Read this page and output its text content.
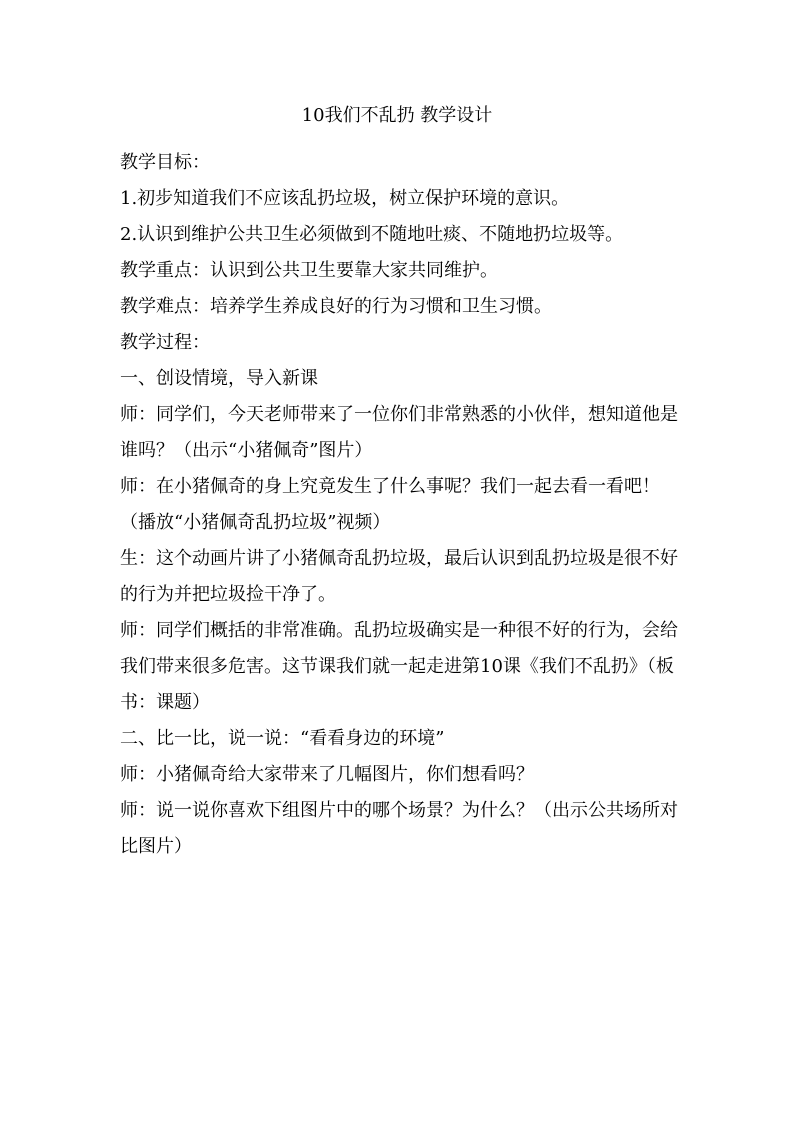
10我们不乱扔 教学设计

教学目标：

1.初步知道我们不应该乱扔垃圾，树立保护环境的意识。

2.认识到维护公共卫生必须做到不随地吐痰、不随地扔垃圾等。

教学重点：认识到公共卫生要靠大家共同维护。

教学难点：培养学生养成良好的行为习惯和卫生习惯。

教学过程：

一、创设情境，导入新课

师：同学们，今天老师带来了一位你们非常熟悉的小伙伴，想知道他是谁吗？（出示“小猪佩奇”图片）

师：在小猪佩奇的身上究竟发生了什么事呢？我们一起去看一看吧！（播放“小猪佩奇乱扔垃圾”视频）

生：这个动画片讲了小猪佩奇乱扔垃圾，最后认识到乱扔垃圾是很不好的行为并把垃圾捡干净了。

师：同学们概括的非常准确。乱扔垃圾确实是一种很不好的行为，会给我们带来很多危害。这节课我们就一起走进第10课《我们不乱扔》（板书：课题）

二、比一比，说一说：“看看身边的环境”

师：小猪佩奇给大家带来了几幅图片，你们想看吗？

师：说一说你喜欢下组图片中的哪个场景？为什么？（出示公共场所对比图片）
